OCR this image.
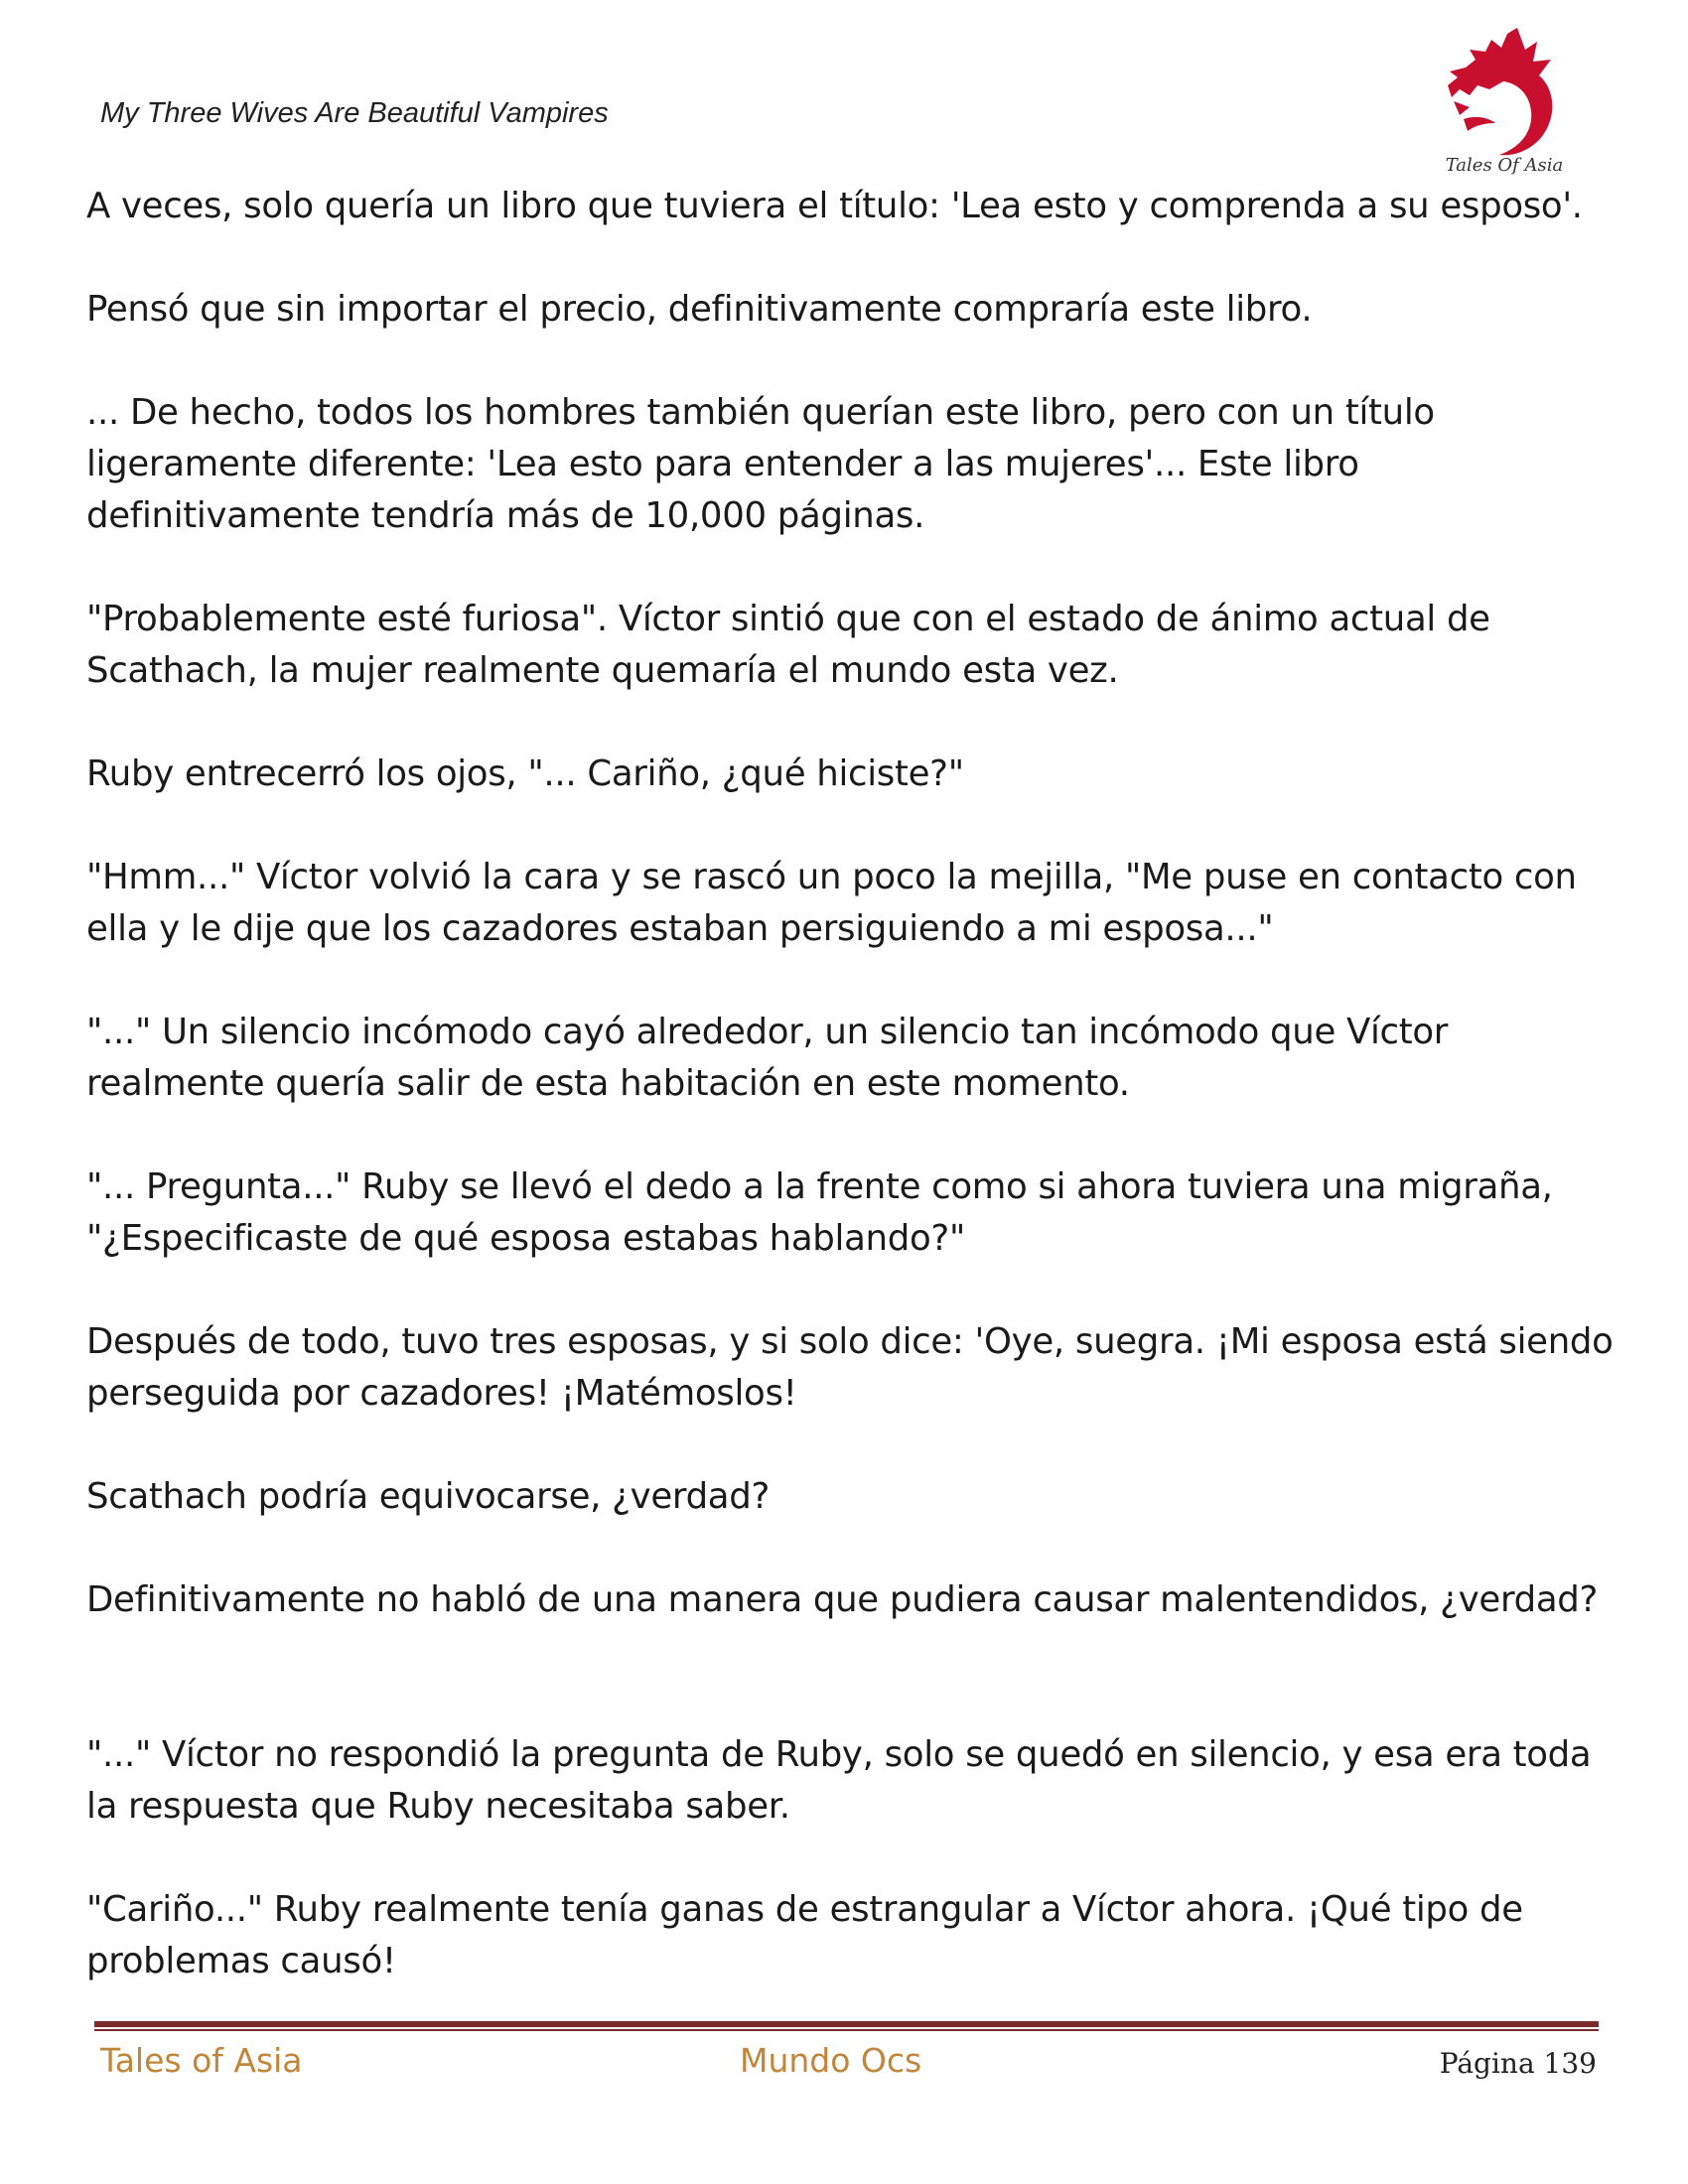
My Three Wives Are Beautiful Vampires
Tales Of Asia

A veces, solo quería un libro que tuviera el título: 'Lea esto y comprenda a su esposo'.

Pensó que sin importar el precio, definitivamente compraría este libro.

... De hecho, todos los hombres también querían este libro, pero con un título ligeramente diferente: 'Lea esto para entender a las mujeres'... Este libro definitivamente tendría más de 10,000 páginas.

"Probablemente esté furiosa". Víctor sintió que con el estado de ánimo actual de Scathach, la mujer realmente quemaría el mundo esta vez.

Ruby entrecerró los ojos, "... Cariño, ¿qué hiciste?"

"Hmm..." Víctor volvió la cara y se rascó un poco la mejilla, "Me puse en contacto con ella y le dije que los cazadores estaban persiguiendo a mi esposa..."

"..." Un silencio incómodo cayó alrededor, un silencio tan incómodo que Víctor realmente quería salir de esta habitación en este momento.

"... Pregunta..." Ruby se llevó el dedo a la frente como si ahora tuviera una migraña, "¿Especificaste de qué esposa estabas hablando?"

Después de todo, tuvo tres esposas, y si solo dice: 'Oye, suegra. ¡Mi esposa está siendo perseguida por cazadores! ¡Matémoslos!

Scathach podría equivocarse, ¿verdad?

Definitivamente no habló de una manera que pudiera causar malentendidos, ¿verdad?

"..." Víctor no respondió la pregunta de Ruby, solo se quedó en silencio, y esa era toda la respuesta que Ruby necesitaba saber.

"Cariño..." Ruby realmente tenía ganas de estrangular a Víctor ahora. ¡Qué tipo de problemas causó!

Tales of Asia	Mundo Ocs	Página 139
